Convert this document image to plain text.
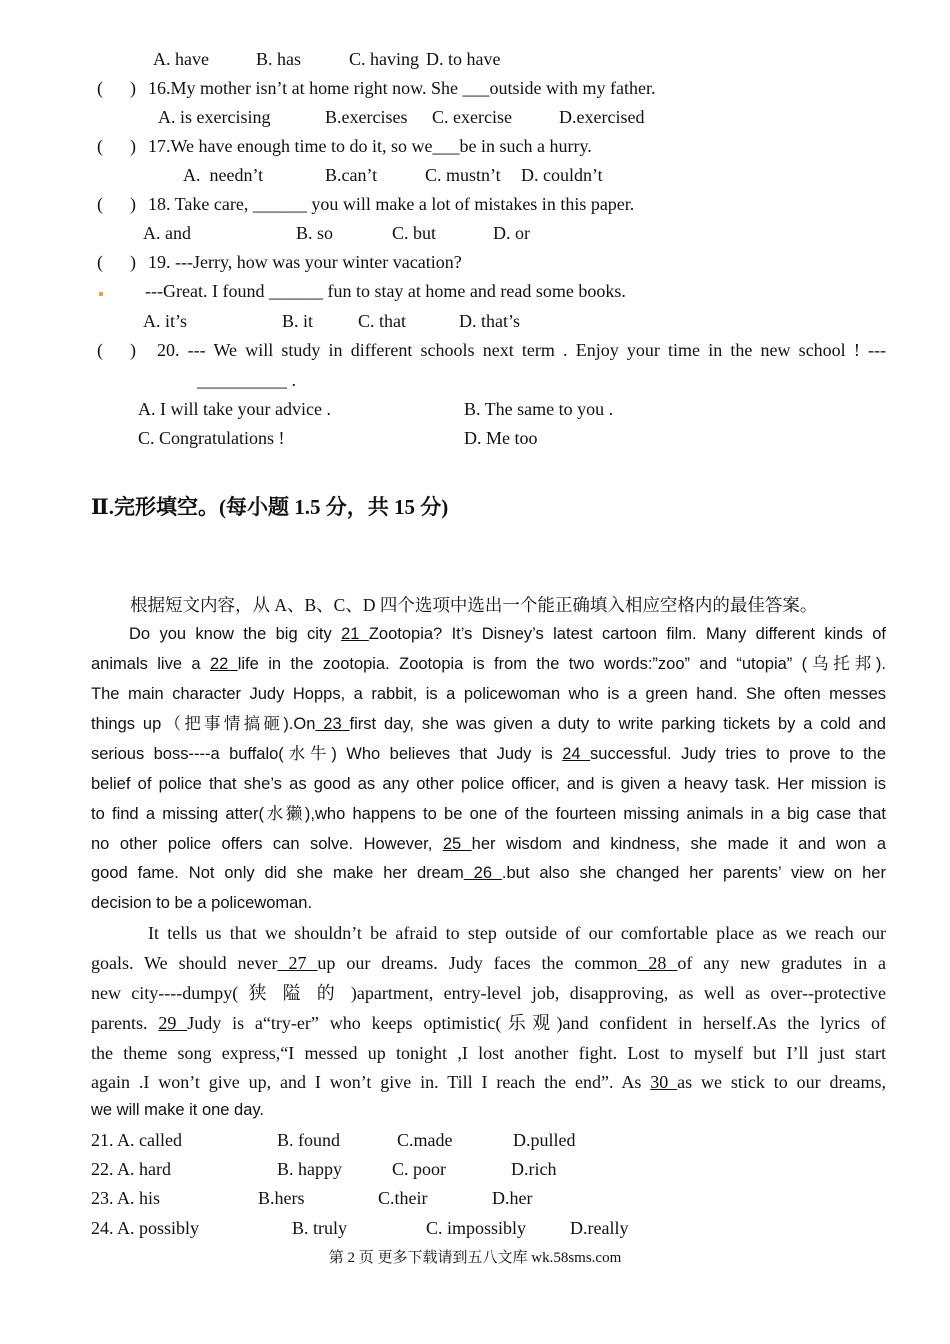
A. have	B. has	C. having D. to have
(      ) 16.My mother isn’t at home right now. She ___outside with my father.
A. is exercising	B.exercises C. exercise	D.exercised
(      ) 17.We have enough time to do it, so we___be in such a hurry.
A.  needn’t	B.can’t	C. mustn’t D. couldn’t
(      ) 18. Take care, ______ you will make a lot of mistakes in this paper.
A. and	B. so	C. but	D. or
(      ) 19. ---Jerry, how was your winter vacation?
---Great. I found ______ fun to stay at home and read some books.
A. it’s	B. it C. that	D. that’s
(      ) 20. --- We will study in different schools next term . Enjoy your time in the new school ! ---
__________ .
A. I will take your advice .	B. The same to you .
C. Congratulations !	D. Me too
Ⅱ.完形填空。(每小题 1.5 分，共 15 分)
根据短文内容，从 A、B、C、D 四个选项中选出一个能正确填入相应空格内的最佳答案。
Do you know the big city 21 Zootopia? It’s Disney’s latest cartoon film. Many different kinds of
animals live a 22 life in the zootopia. Zootopia is from the two words:”zoo” and “utopia” (乌托邦).
The main character Judy Hopps, a rabbit, is a policewoman who is a green hand. She often messes
things up（把事情搞砸).On 23 first day, she was given a duty to write parking tickets by a cold and
serious boss----a buffalo(水牛) Who believes that Judy is 24 successful. Judy tries to prove to the
belief of police that she’s as good as any other police officer, and is given a heavy task. Her mission is
to find a missing atter(水獭),who happens to be one of the fourteen missing animals in a big case that
no other police offers can solve. However, 25 her wisdom and kindness, she made it and won a
good fame. Not only did she make her dream 26 .but also she changed her parents’ view on her
decision to be a policewoman.
It tells us that we shouldn’t be afraid to step outside of our comfortable place as we reach our
goals. We should never 27 up our dreams. Judy faces the common 28 of any new gradutes in a
new city----dumpy( 狭 隘 的 )apartment, entry-level job, disapproving, as well as over--protective
parents. 29 Judy is a“try-er” who keeps optimistic(乐观)and confident in herself.As the lyrics of
the theme song express,“I messed up tonight ,I lost another fight. Lost to myself but I’ll just start
again .I won’t give up, and I won’t give in. Till I reach the end”. As 30 as we stick to our dreams,
we will make it one day.
21. A. called	B. found	C.made	D.pulled
22. A. hard	B. happy	C. poor	D.rich
23. A. his	B.hers	C.their	D.her
24. A. possibly	B. truly	C. impossibly D.really
第 2 页 更多下载请到五八文库 wk.58sms.com
